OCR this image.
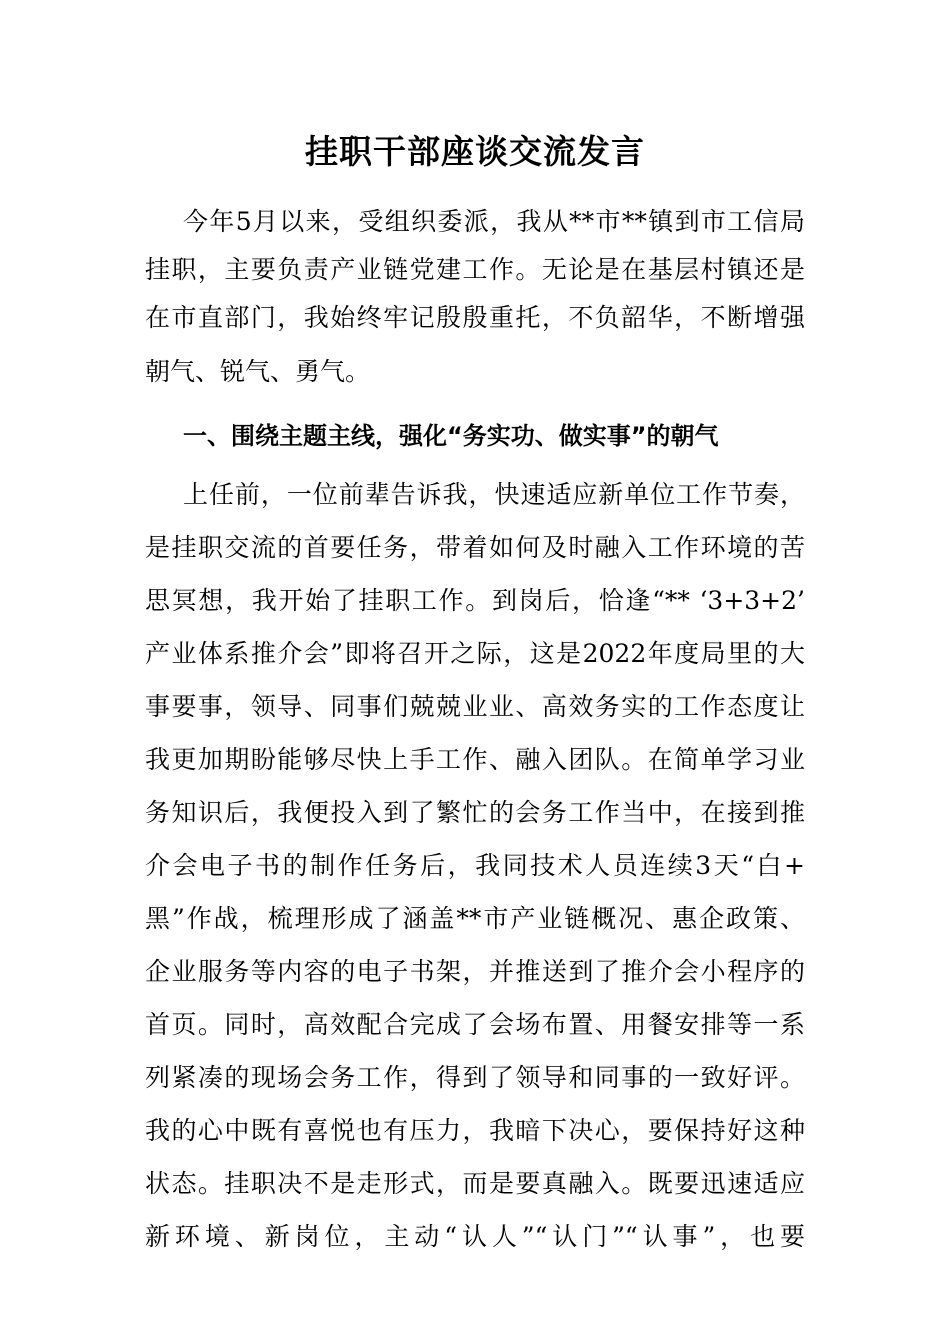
挂职干部座谈交流发言
今年5月以来，受组织委派，我从**市**镇到市工信局
挂职，主要负责产业链党建工作。无论是在基层村镇还是
在市直部门，我始终牢记殷殷重托，不负韶华，不断增强
朝气、锐气、勇气。
一、围绕主题主线，强化“务实功、做实事”的朝气
上任前，一位前辈告诉我，快速适应新单位工作节奏，
是挂职交流的首要任务，带着如何及时融入工作环境的苦
思冥想，我开始了挂职工作。到岗后，恰逢“** ‘3+3+2’
产业体系推介会”即将召开之际，这是2022年度局里的大
事要事，领导、同事们兢兢业业、高效务实的工作态度让
我更加期盼能够尽快上手工作、融入团队。在简单学习业
务知识后，我便投入到了繁忙的会务工作当中，在接到推
介会电子书的制作任务后，我同技术人员连续3天“白+
黑”作战，梳理形成了涵盖**市产业链概况、惠企政策、
企业服务等内容的电子书架，并推送到了推介会小程序的
首页。同时，高效配合完成了会场布置、用餐安排等一系
列紧凑的现场会务工作，得到了领导和同事的一致好评。
我的心中既有喜悦也有压力，我暗下决心，要保持好这种
状态。挂职决不是走形式，而是要真融入。既要迅速适应
新环境、新岗位，主动“认人”“认门”“认事”，也要
